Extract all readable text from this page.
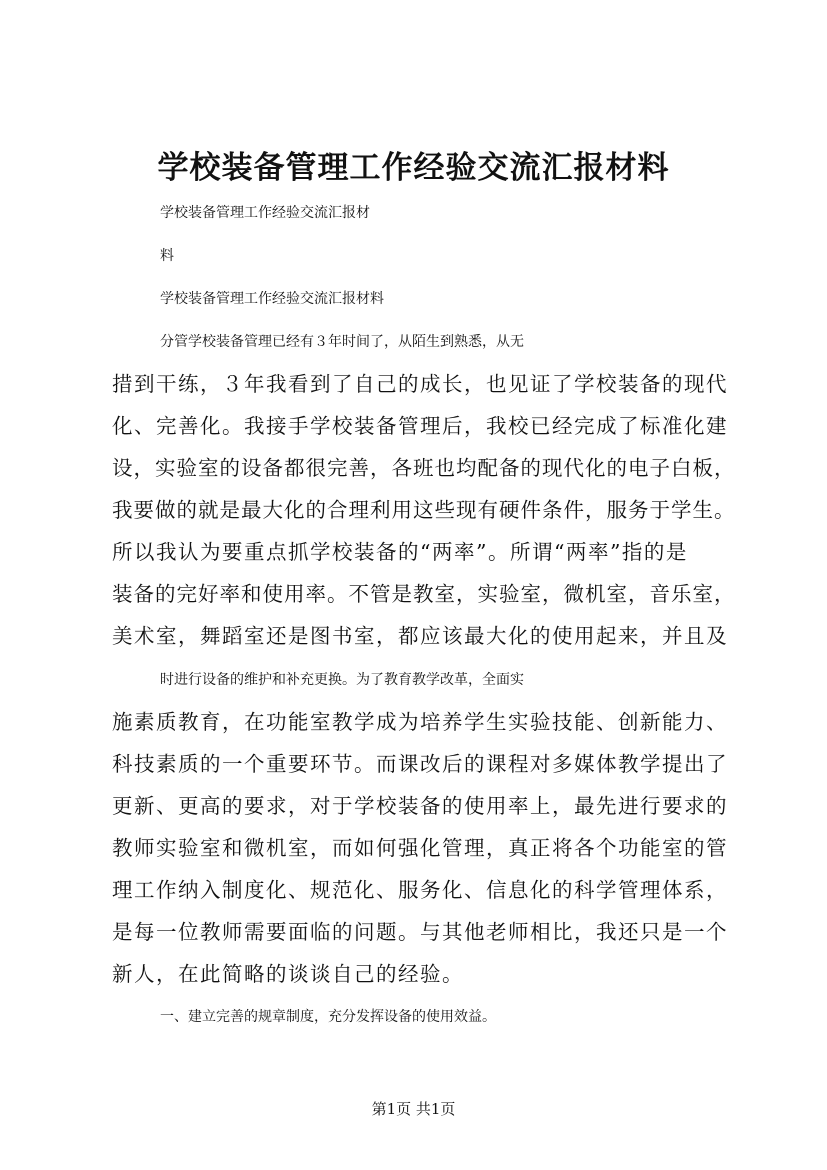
学校装备管理工作经验交流汇报材料
学校装备管理工作经验交流汇报材
料
学校装备管理工作经验交流汇报材料
分管学校装备管理已经有３年时间了，从陌生到熟悉，从无
措到干练，３年我看到了自己的成长，也见证了学校装备的现代
化、完善化。我接手学校装备管理后，我校已经完成了标准化建
设，实验室的设备都很完善，各班也均配备的现代化的电子白板，
我要做的就是最大化的合理利用这些现有硬件条件，服务于学生。
所以我认为要重点抓学校装备的“两率”。所谓“两率”指的是
装备的完好率和使用率。不管是教室，实验室，微机室，音乐室，
美术室，舞蹈室还是图书室，都应该最大化的使用起来，并且及
时进行设备的维护和补充更换。为了教育教学改革，全面实
施素质教育，在功能室教学成为培养学生实验技能、创新能力、
科技素质的一个重要环节。而课改后的课程对多媒体教学提出了
更新、更高的要求，对于学校装备的使用率上，最先进行要求的
教师实验室和微机室，而如何强化管理，真正将各个功能室的管
理工作纳入制度化、规范化、服务化、信息化的科学管理体系，
是每一位教师需要面临的问题。与其他老师相比，我还只是一个
新人，在此简略的谈谈自己的经验。
一、建立完善的规章制度，充分发挥设备的使用效益。
第1页 共1页
